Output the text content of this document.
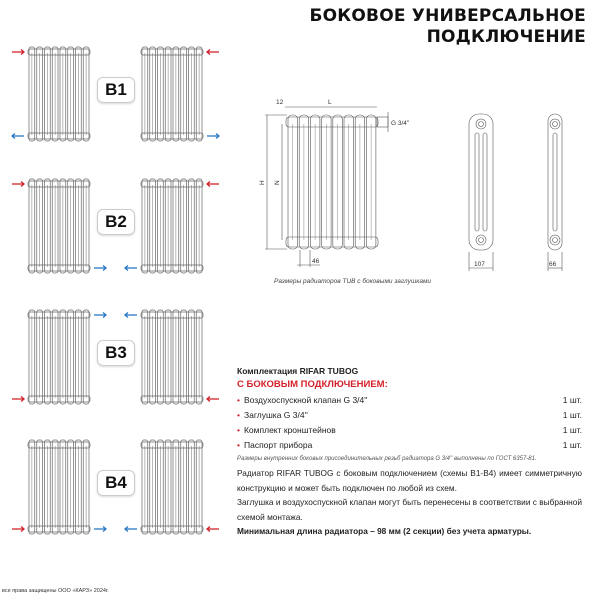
БОКОВОЕ УНИВЕРСАЛЬНОЕ
ПОДКЛЮЧЕНИЕ
B1
B2
B3
B4
L
12
H N
46
G 3/4''
107	66
Размеры радиаторов TUB с боковыми заглушками
Комплектация RIFAR TUBOG
С БОКОВЫМ ПОДКЛЮЧЕНИЕМ:
• Воздухоспускной клапан G 3/4''	1 шт.
• Заглушка G 3/4''	1 шт.
• Комплект кронштейнов	1 шт.
• Паспорт прибора	1 шт.
Размеры внутренних боковых присоединительных резьб радиатора G 3/4'' выполнены по ГОСТ 6357-81.

Радиатор RIFAR TUBOG с боковым подключением (схемы B1-B4) имеет симметричную конструкцию и может быть подключен по любой из схем.

Заглушка и воздухоспускной клапан могут быть перенесены в соответствии с выбранной схемой монтажа.

Минимальная длина радиатора – 98 мм (2 секции) без учета арматуры.

все права защищены ООО «КАРЗ» 2024г.
